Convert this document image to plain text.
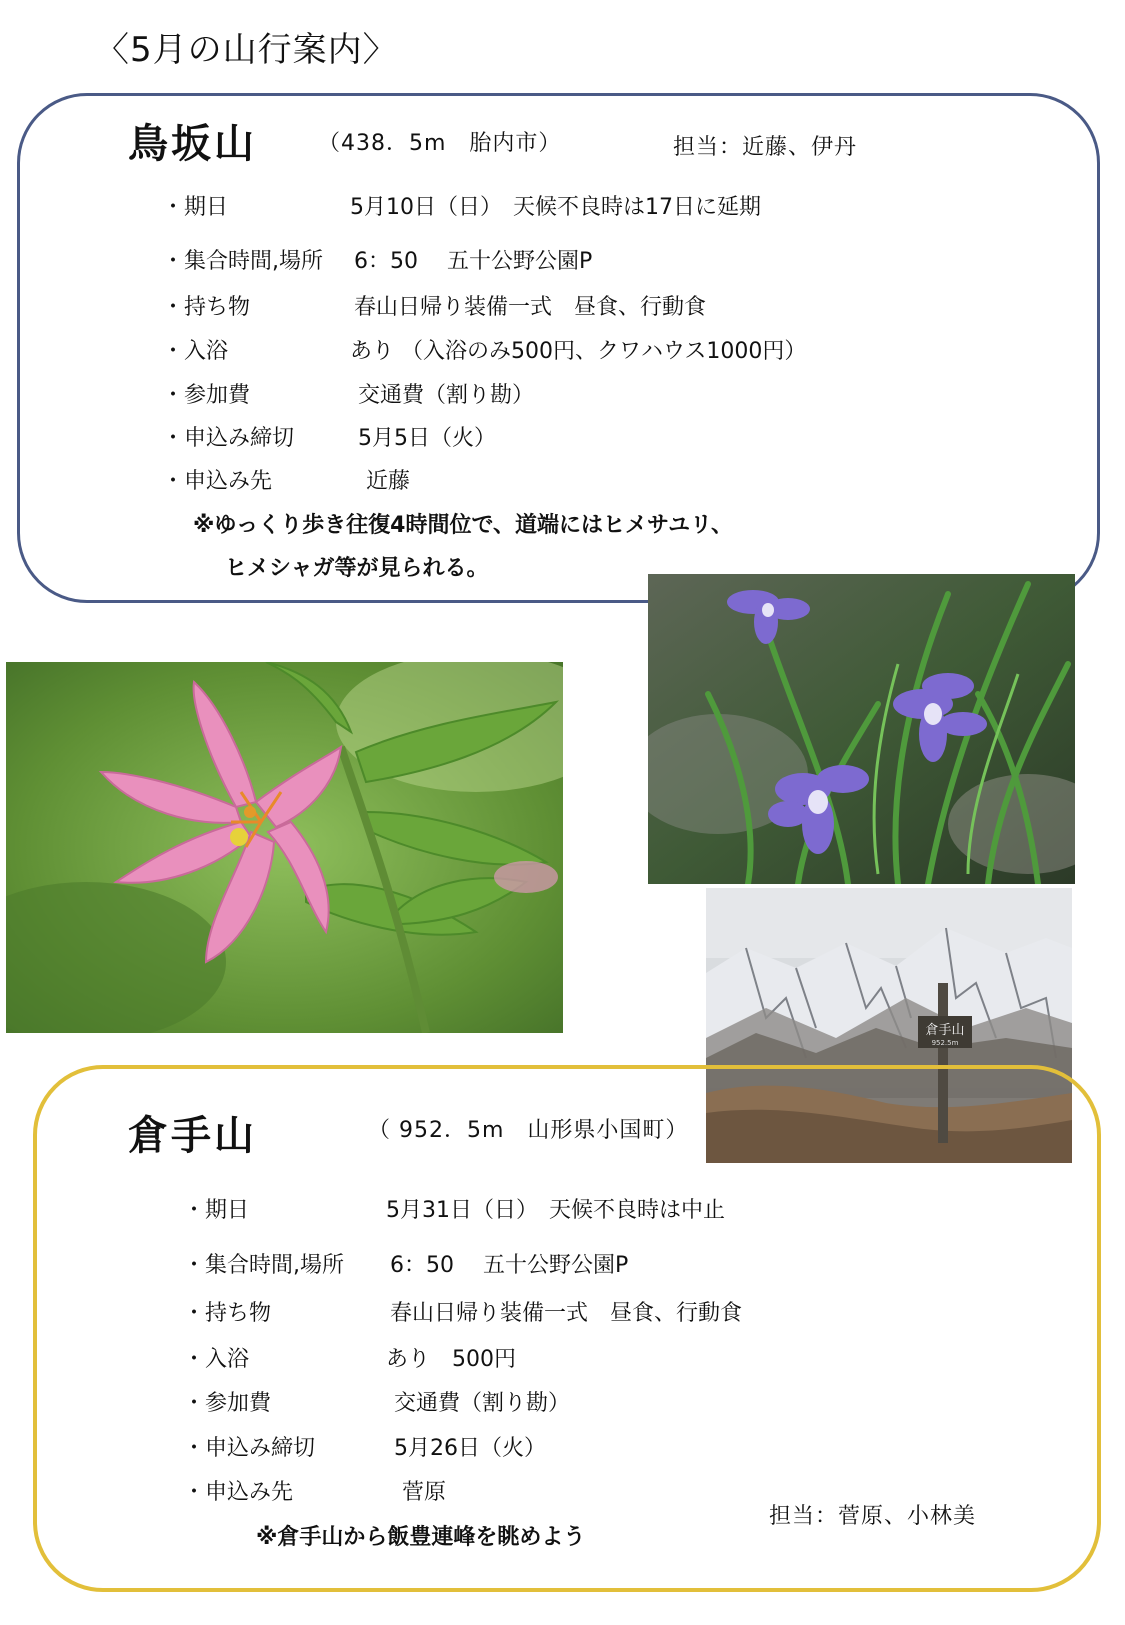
〈5月の山行案内〉
鳥坂山	（438．5m　胎内市）	担当：近藤、伊丹
・期日	5月10日（日）　天候不良時は17日に延期
・集合時間,場所 6：50　 五十公野公園P
・持ち物	春山日帰り装備一式　昼食、行動食
・入浴	あり （入浴のみ500円、クワハウス1000円）
・参加費	交通費（割り勘）
・申込み締切	5月5日（火）
・申込み先	近藤
※ゆっくり歩き往復4時間位で、道端にはヒメサユリ、
ヒメシャガ等が見られる。
倉手山
952.5m
倉手山	（ 952．5m　山形県小国町）
・期日	5月31日（日）　天候不良時は中止
・集合時間,場所 6：50　 五十公野公園P
・持ち物	春山日帰り装備一式　昼食、行動食
・入浴	あり　500円
・参加費	交通費（割り勘）
・申込み締切	5月26日（火）
・申込み先	菅原
担当：菅原、小林美
※倉手山から飯豊連峰を眺めよう
